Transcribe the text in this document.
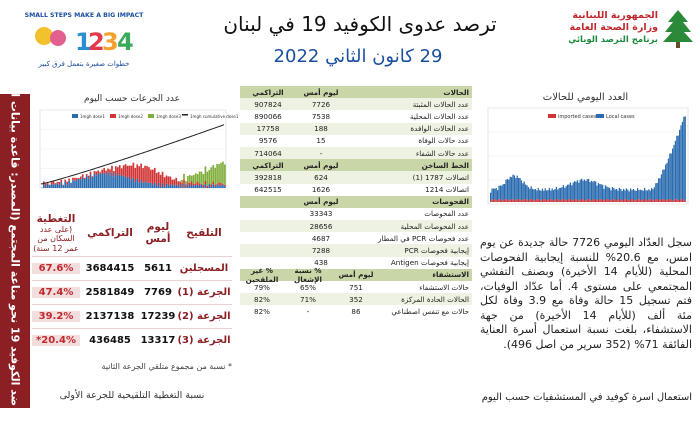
SMALL STEPS MAKE A BIG IMPACT
1
2
3
4
خطوات صغيرة بتعمل فرق كبير
ترصد عدوى الكوفيد 19 في لبنان
29 كانون الثاني 2022
الجمهورية اللبنانية
وزارة الصحة العامة
برنامج الترصد الوبائي
التلقيح ضد الكوفيد 19 نحو مناعة المجتمع (المصدر: قاعدة بيانات التلقيح)
عدد الجرعات حسب اليوم
1mgh dose1	1mgh dose2	1mgh dose3 1mgh cumulative dose1
التلقيح
ليوم أمس
التراكمي
التغطية
(على عدد السكان من عمر 12 سنة)
المسجلين
5611
3684415
67.6%
الجرعة (1)
7769
2581849
47.4%
الجرعة (2)
17239
2137138
39.2%
الجرعة (3)
13317
436485
20.4%*
* نسبة من مجموع متلقي الجرعة الثانية
نسبة التغطية التلقيحية للجرعة الأولى
الحالات
ليوم أمس
التراكمي
عدد الحالات المثبتة
7726
907824
عدد الحالات المحلية
7538
890066
عدد الحالات الوافدة
188
17758
عدد حالات الوفاة
15
9576
عدد حالات الشفاء
-
714064
الخط الساخن
ليوم أمس
التراكمي
اتصالات 1787 (1)
624
392818
اتصالات 1214
1626
642515
الفحوصات
ليوم أمس
عدد الفحوصات
33343
عدد الفحوصات المحلية
28656
عدد فحوصات PCR في المطار
4687
إيجابية فحوصات PCR
7288
إيجابية فحوصات Antigen
438
الاستشفاء
ليوم أمس
% نسبة الإشغال
% غير الملقحين
حالات الاستشفاء
751
65%
79%
الحالات الحادة المركزة
352
71%
82%
حالات مع تنفس اصطناعي
86
-
82%
العدد اليومي للحالات
imported cases Local cases
سجل العدّاد اليومي 7726 حالة جديدة عن يوم امس، مع 20.6% للنسبة إيجابية الفحوصات المحلية (للأيام 14 الأخيرة) وبصنف التفشي المجتمعي على مستوى 4. أما عدّاد الوفيات، فتم تسجيل 15 حالة وفاة مع 3.9 وفاة لكل مئة ألف (للأيام 14 الأخيرة) من جهة الاستشفاء، بلغت نسبة استعمال أسرة العناية الفائقة 71% (352 سرير من اصل 496).
استعمال اسرة كوفيد في المستشفيات حسب اليوم
